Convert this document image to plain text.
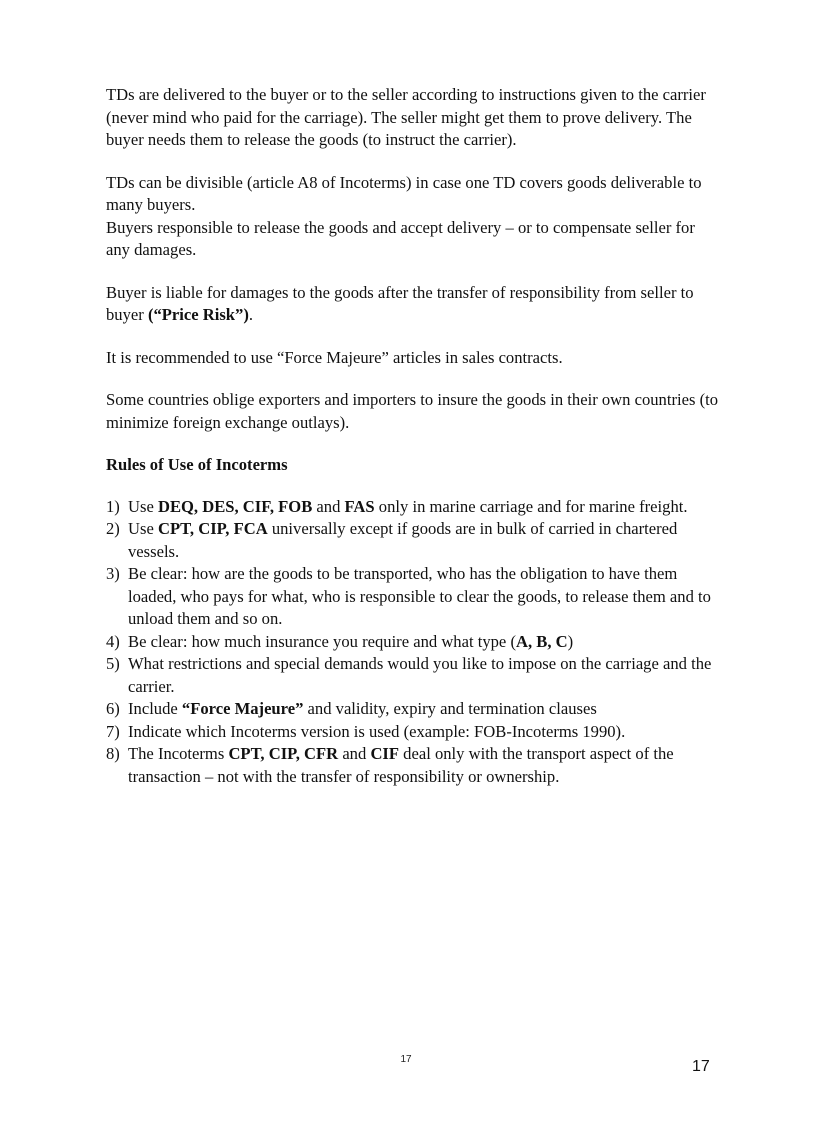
TDs are delivered to the buyer or to the seller according to instructions given to the carrier (never mind who paid for the carriage). The seller might get them to prove delivery. The buyer needs them to release the goods (to instruct the carrier).

TDs can be divisible (article A8 of Incoterms) in case one TD covers goods deliverable to many buyers.

Buyers responsible to release the goods and accept delivery – or to compensate seller for any damages.

Buyer is liable for damages to the goods after the transfer of responsibility from seller to buyer (“Price Risk”).

It is recommended to use “Force Majeure” articles in sales contracts.

Some countries oblige exporters and importers to insure the goods in their own countries (to minimize foreign exchange outlays).

Rules of Use of Incoterms
1) Use DEQ, DES, CIF, FOB and FAS only in marine carriage and for marine freight.
2) Use CPT, CIP, FCA universally except if goods are in bulk of carried in chartered vessels.
3) Be clear: how are the goods to be transported, who has the obligation to have them loaded, who pays for what, who is responsible to clear the goods, to release them and to unload them and so on.
4) Be clear: how much insurance you require and what type (A, B, C)
5) What restrictions and special demands would you like to impose on the carriage and the carrier.
6) Include “Force Majeure” and validity, expiry and termination clauses
7) Indicate which Incoterms version is used (example: FOB-Incoterms 1990).
8) The Incoterms CPT, CIP, CFR and CIF deal only with the transport aspect of the transaction – not with the transfer of responsibility or ownership.
17	17
